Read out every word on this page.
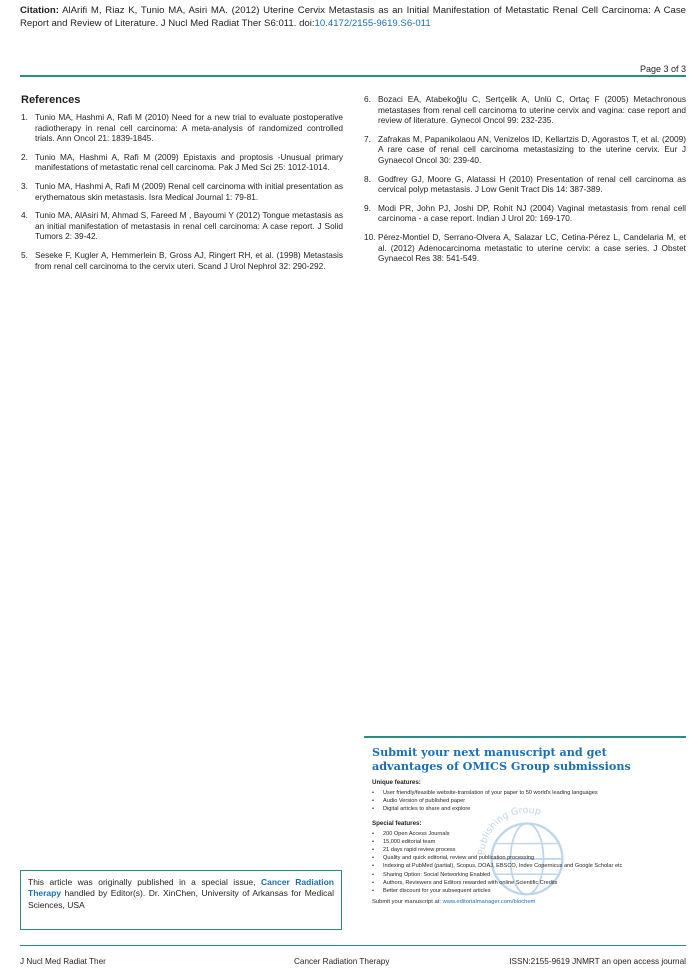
Citation: AlArifi M, Riaz K, Tunio MA, Asiri MA. (2012) Uterine Cervix Metastasis as an Initial Manifestation of Metastatic Renal Cell Carcinoma: A Case Report and Review of Literature. J Nucl Med Radiat Ther S6:011. doi:10.4172/2155-9619.S6-011
Page 3 of 3
References
1. Tunio MA, Hashmi A, Rafi M (2010) Need for a new trial to evaluate postoperative radiotherapy in renal cell carcinoma: A meta-analysis of randomized controlled trials. Ann Oncol 21: 1839-1845.
2. Tunio MA, Hashmi A, Rafi M (2009) Epistaxis and proptosis -Unusual primary manifestations of metastatic renal cell carcinoma. Pak J Med Sci 25: 1012-1014.
3. Tunio MA, Hashmi A, Rafi M (2009) Renal cell carcinoma with initial presentation as erythematous skin metastasis. Isra Medical Journal 1: 79-81.
4. Tunio MA, AlAsiri M, Ahmad S, Fareed M , Bayoumi Y (2012) Tongue metastasis as an initial manifestation of metastasis in renal cell carcinoma: A case report. J Solid Tumors 2: 39-42.
5. Seseke F, Kugler A, Hemmerlein B, Gross AJ, Ringert RH, et al. (1998) Metastasis from renal cell carcinoma to the cervix uteri. Scand J Urol Nephrol 32: 290-292.
6. Bozaci EA, Atabekoğlu C, Sertçelik A, Unlü C, Ortaç F (2005) Metachronous metastases from renal cell carcinoma to uterine cervix and vagina: case report and review of literature. Gynecol Oncol 99: 232-235.
7. Zafrakas M, Papanikolaou AN, Venizelos ID, Kellartzis D, Agorastos T, et al. (2009) A rare case of renal cell carcinoma metastasizing to the uterine cervix. Eur J Gynaecol Oncol 30: 239-40.
8. Godfrey GJ, Moore G, Alatassi H (2010) Presentation of renal cell carcinoma as cervical polyp metastasis. J Low Genit Tract Dis 14: 387-389.
9. Modi PR, John PJ, Joshi DP, Rohit NJ (2004) Vaginal metastasis from renal cell carcinoma - a case report. Indian J Urol 20: 169-170.
10. Pérez-Montiel D, Serrano-Olvera A, Salazar LC, Cetina-Pérez L, Candelaria M, et al. (2012) Adenocarcinoma metastatic to uterine cervix: a case series. J Obstet Gynaecol Res 38: 541-549.
Publishing Group
Submit your next manuscript and get advantages of OMICS Group submissions
Unique features:
• User friendly/feasible website-translation of your paper to 50 world's leading languages
• Audio Version of published paper
• Digital articles to share and explore
Special features:
• 200 Open Access Journals
• 15,000 editorial team
• 21 days rapid review process
• Quality and quick editorial, review and publication processing
• Indexing at PubMed (partial), Scopus, DOAJ, EBSCO, Index Copernicus and Google Scholar etc
• Sharing Option: Social Networking Enabled
• Authors, Reviewers and Editors rewarded with online Scientific Credits
• Better discount for your subsequent articles
Submit your manuscript at: www.editorialmanager.com/biochem
This article was originally published in a special issue, Cancer Radiation Therapy handled by Editor(s). Dr. XinChen, University of Arkansas for Medical Sciences, USA
J Nucl Med Radiat Ther	Cancer Radiation Therapy	ISSN:2155-9619 JNMRT an open access journal
